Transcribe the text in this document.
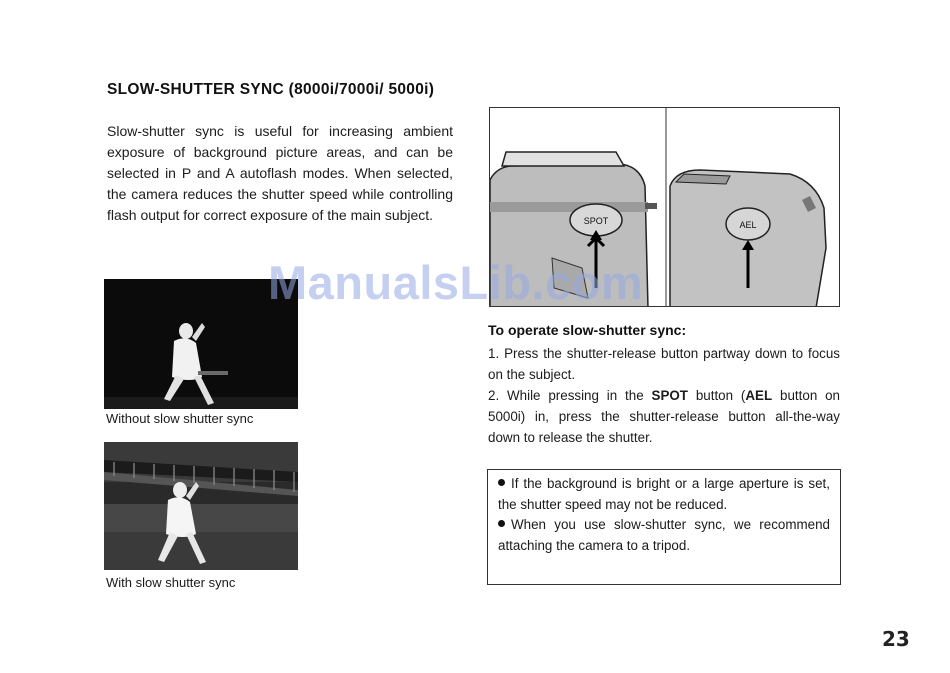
SLOW-SHUTTER SYNC (8000i/7000i/ 5000i)
Slow-shutter sync is useful for increasing ambient exposure of background picture areas, and can be selected in P and A autoflash modes. When selected, the camera reduces the shutter speed while controlling flash output for correct exposure of the main subject.
Without slow shutter sync
With slow shutter sync
SPOT	AEL
To operate slow-shutter sync:
1. Press the shutter-release button partway down to focus on the subject.
2. While pressing in the SPOT button (AEL button on 5000i) in, press the shutter-release button all-the-way down to release the shutter.
If the background is bright or a large aperture is set, the shutter speed may not be reduced.
When you use slow-shutter sync, we recommend attaching the camera to a tripod.
ManualsLib.com
23
